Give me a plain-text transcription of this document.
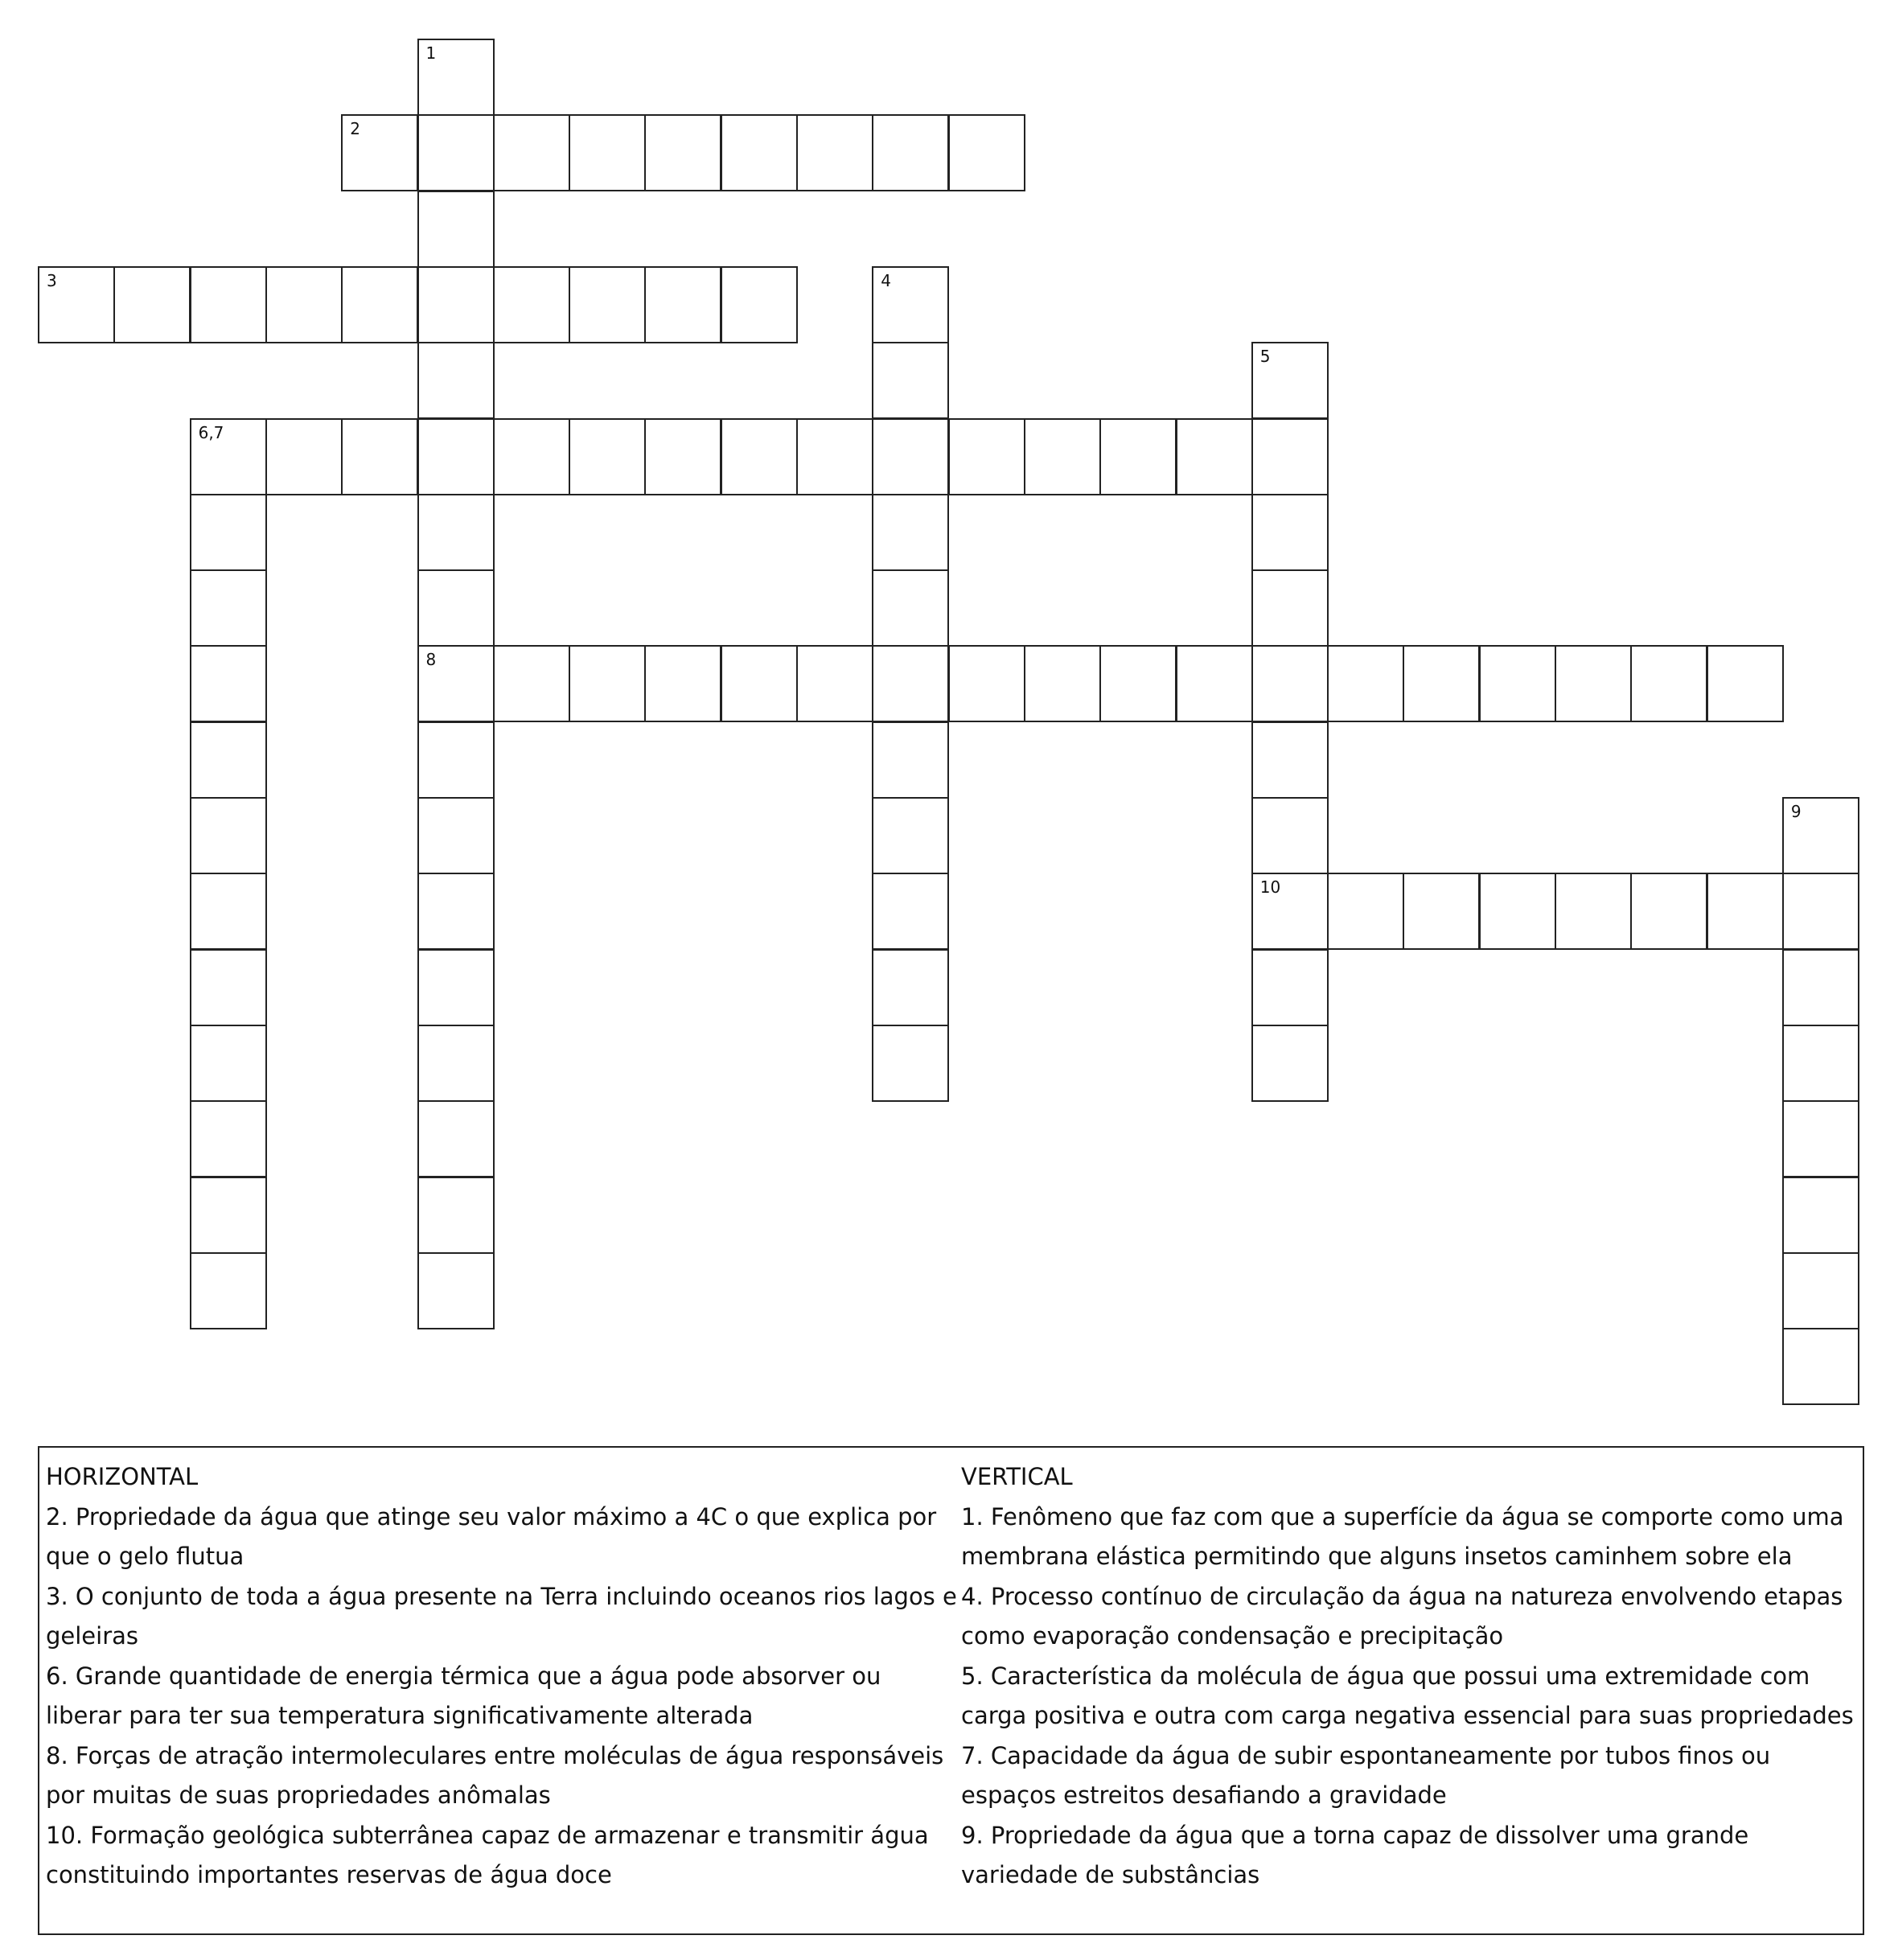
1
2
3	4
5
6,7
8
9
10
HORIZONTAL
2. Propriedade da água que atinge seu valor máximo a 4C o que explica por que o gelo flutua
3. O conjunto de toda a água presente na Terra incluindo oceanos rios lagos e geleiras
6. Grande quantidade de energia térmica que a água pode absorver ou liberar para ter sua temperatura significativamente alterada
8. Forças de atração intermoleculares entre moléculas de água responsáveis por muitas de suas propriedades anômalas
10. Formação geológica subterrânea capaz de armazenar e transmitir água constituindo importantes reservas de água doce
VERTICAL
1. Fenômeno que faz com que a superfície da água se comporte como uma membrana elástica permitindo que alguns insetos caminhem sobre ela
4. Processo contínuo de circulação da água na natureza envolvendo etapas como evaporação condensação e precipitação
5. Característica da molécula de água que possui uma extremidade com carga positiva e outra com carga negativa essencial para suas propriedades
7. Capacidade da água de subir espontaneamente por tubos finos ou espaços estreitos desafiando a gravidade
9. Propriedade da água que a torna capaz de dissolver uma grande variedade de substâncias
